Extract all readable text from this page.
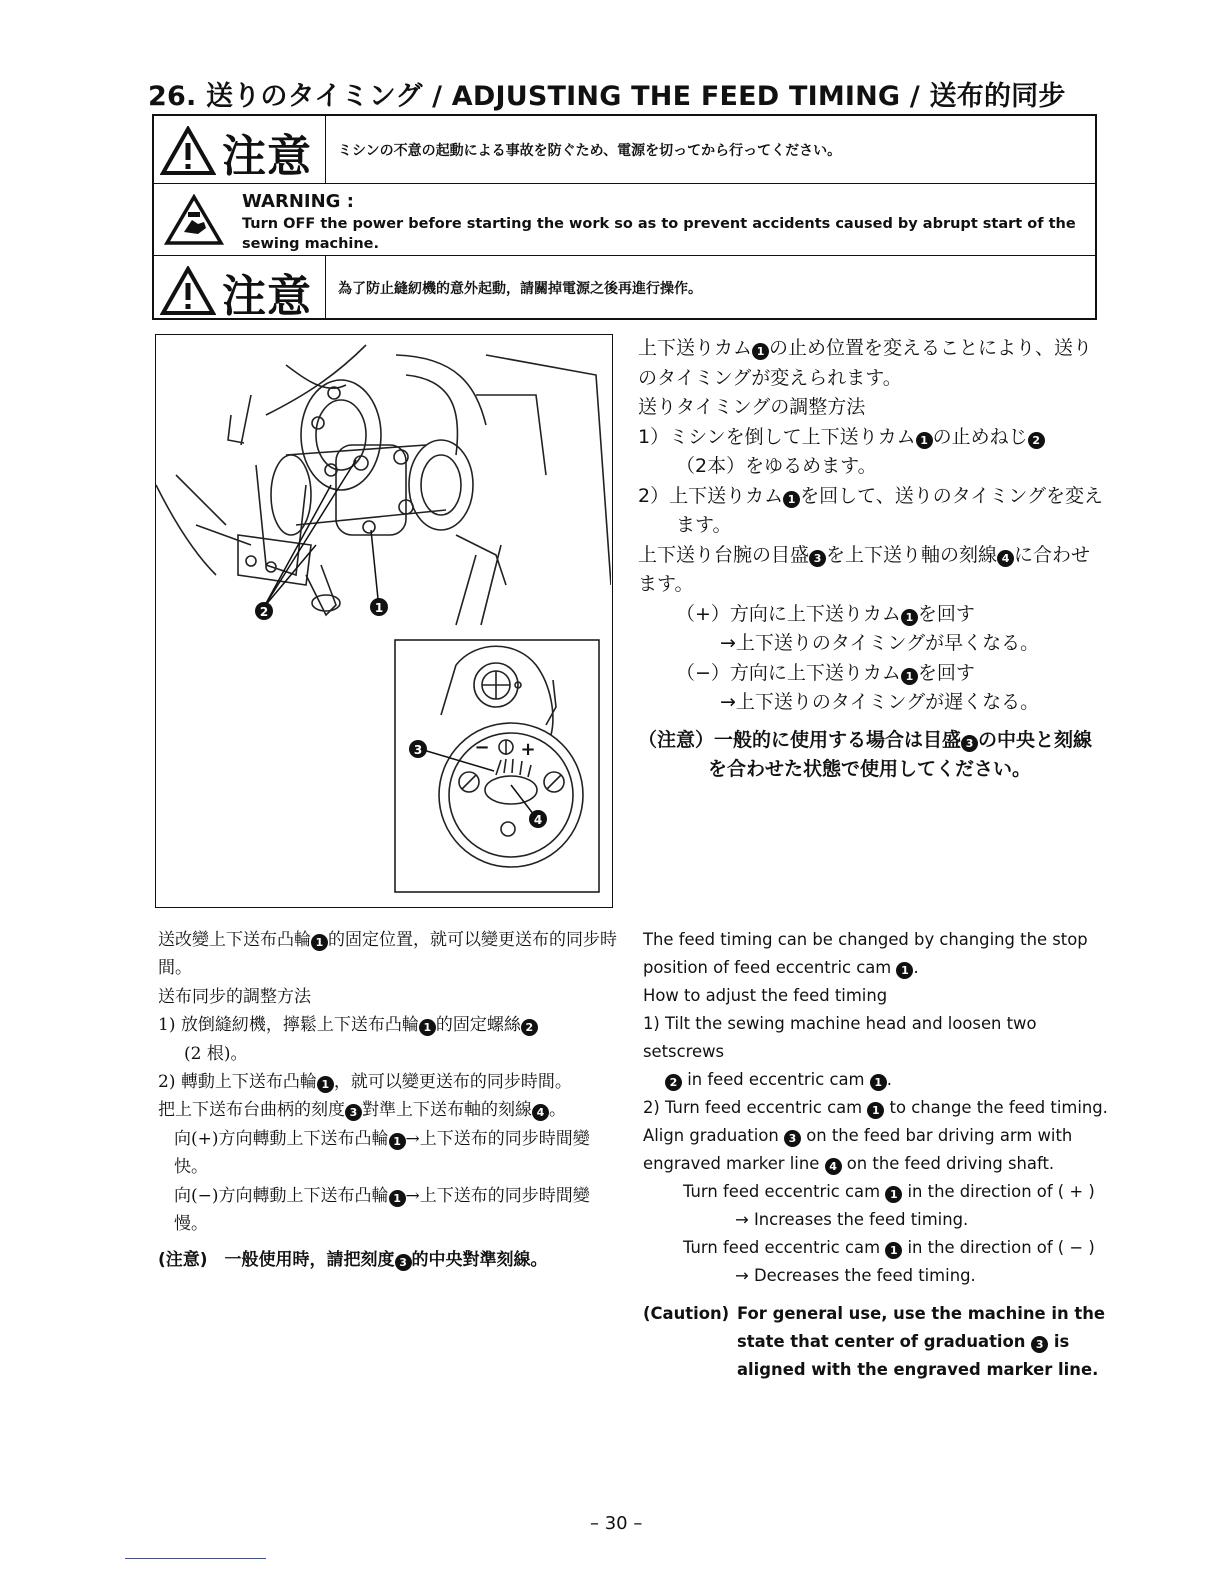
26. 送りのタイミング / ADJUSTING THE FEED TIMING / 送布的同步
注意 ミシンの不意の起動による事故を防ぐため、電源を切ってから行ってください。
WARNING :
Turn OFF the power before starting the work so as to prevent accidents caused by abrupt start of the sewing machine.
注意 為了防止縫紉機的意外起動，請關掉電源之後再進行操作。
2	1
− +
3
4

上下送りカム 1 の止め位置を変えることにより、送りのタイミングが変えられます。

送りタイミングの調整方法

1）ミシンを倒して上下送りカム 1 の止めねじ 2
（2本）をゆるめます。

2）上下送りカム 1 を回して、送りのタイミングを変えます。

上下送り台腕の目盛 3 を上下送り軸の刻線 4 に合わせます。

（+）方向に上下送りカム 1 を回す

→上下送りのタイミングが早くなる。

（−）方向に上下送りカム 1 を回す

→上下送りのタイミングが遅くなる。

（注意）一般的に使用する場合は目盛 3 の中央と刻線
を合わせた状態で使用してください。

送改變上下送布凸輪 1 的固定位置，就可以變更送布的同步時間。

送布同步的調整方法

1) 放倒縫紉機，擰鬆上下送布凸輪 1 的固定螺絲 2
(2 根)。

2) 轉動上下送布凸輪 1 ，就可以變更送布的同步時間。

把上下送布台曲柄的刻度 3 對準上下送布軸的刻線 4 。

向(+)方向轉動上下送布凸輪 1 →上下送布的同步時間變快。

向(−)方向轉動上下送布凸輪 1 →上下送布的同步時間變慢。

(注意)　一般使用時，請把刻度 3 的中央對準刻線。

The feed timing can be changed by changing the stop position of feed eccentric cam 1 .

How to adjust the feed timing

1) Tilt the sewing machine head and loosen two setscrews
2 in feed eccentric cam 1 .

2) Turn feed eccentric cam 1 to change the feed timing.

Align graduation 3 on the feed bar driving arm with engraved marker line 4 on the feed driving shaft.

Turn feed eccentric cam 1 in the direction of ( + )

→ Increases the feed timing.

Turn feed eccentric cam 1 in the direction of ( − )

→ Decreases the feed timing.

(Caution) For general use, use the machine in the state that center of graduation 3 is aligned with the engraved marker line.

– 30 –
